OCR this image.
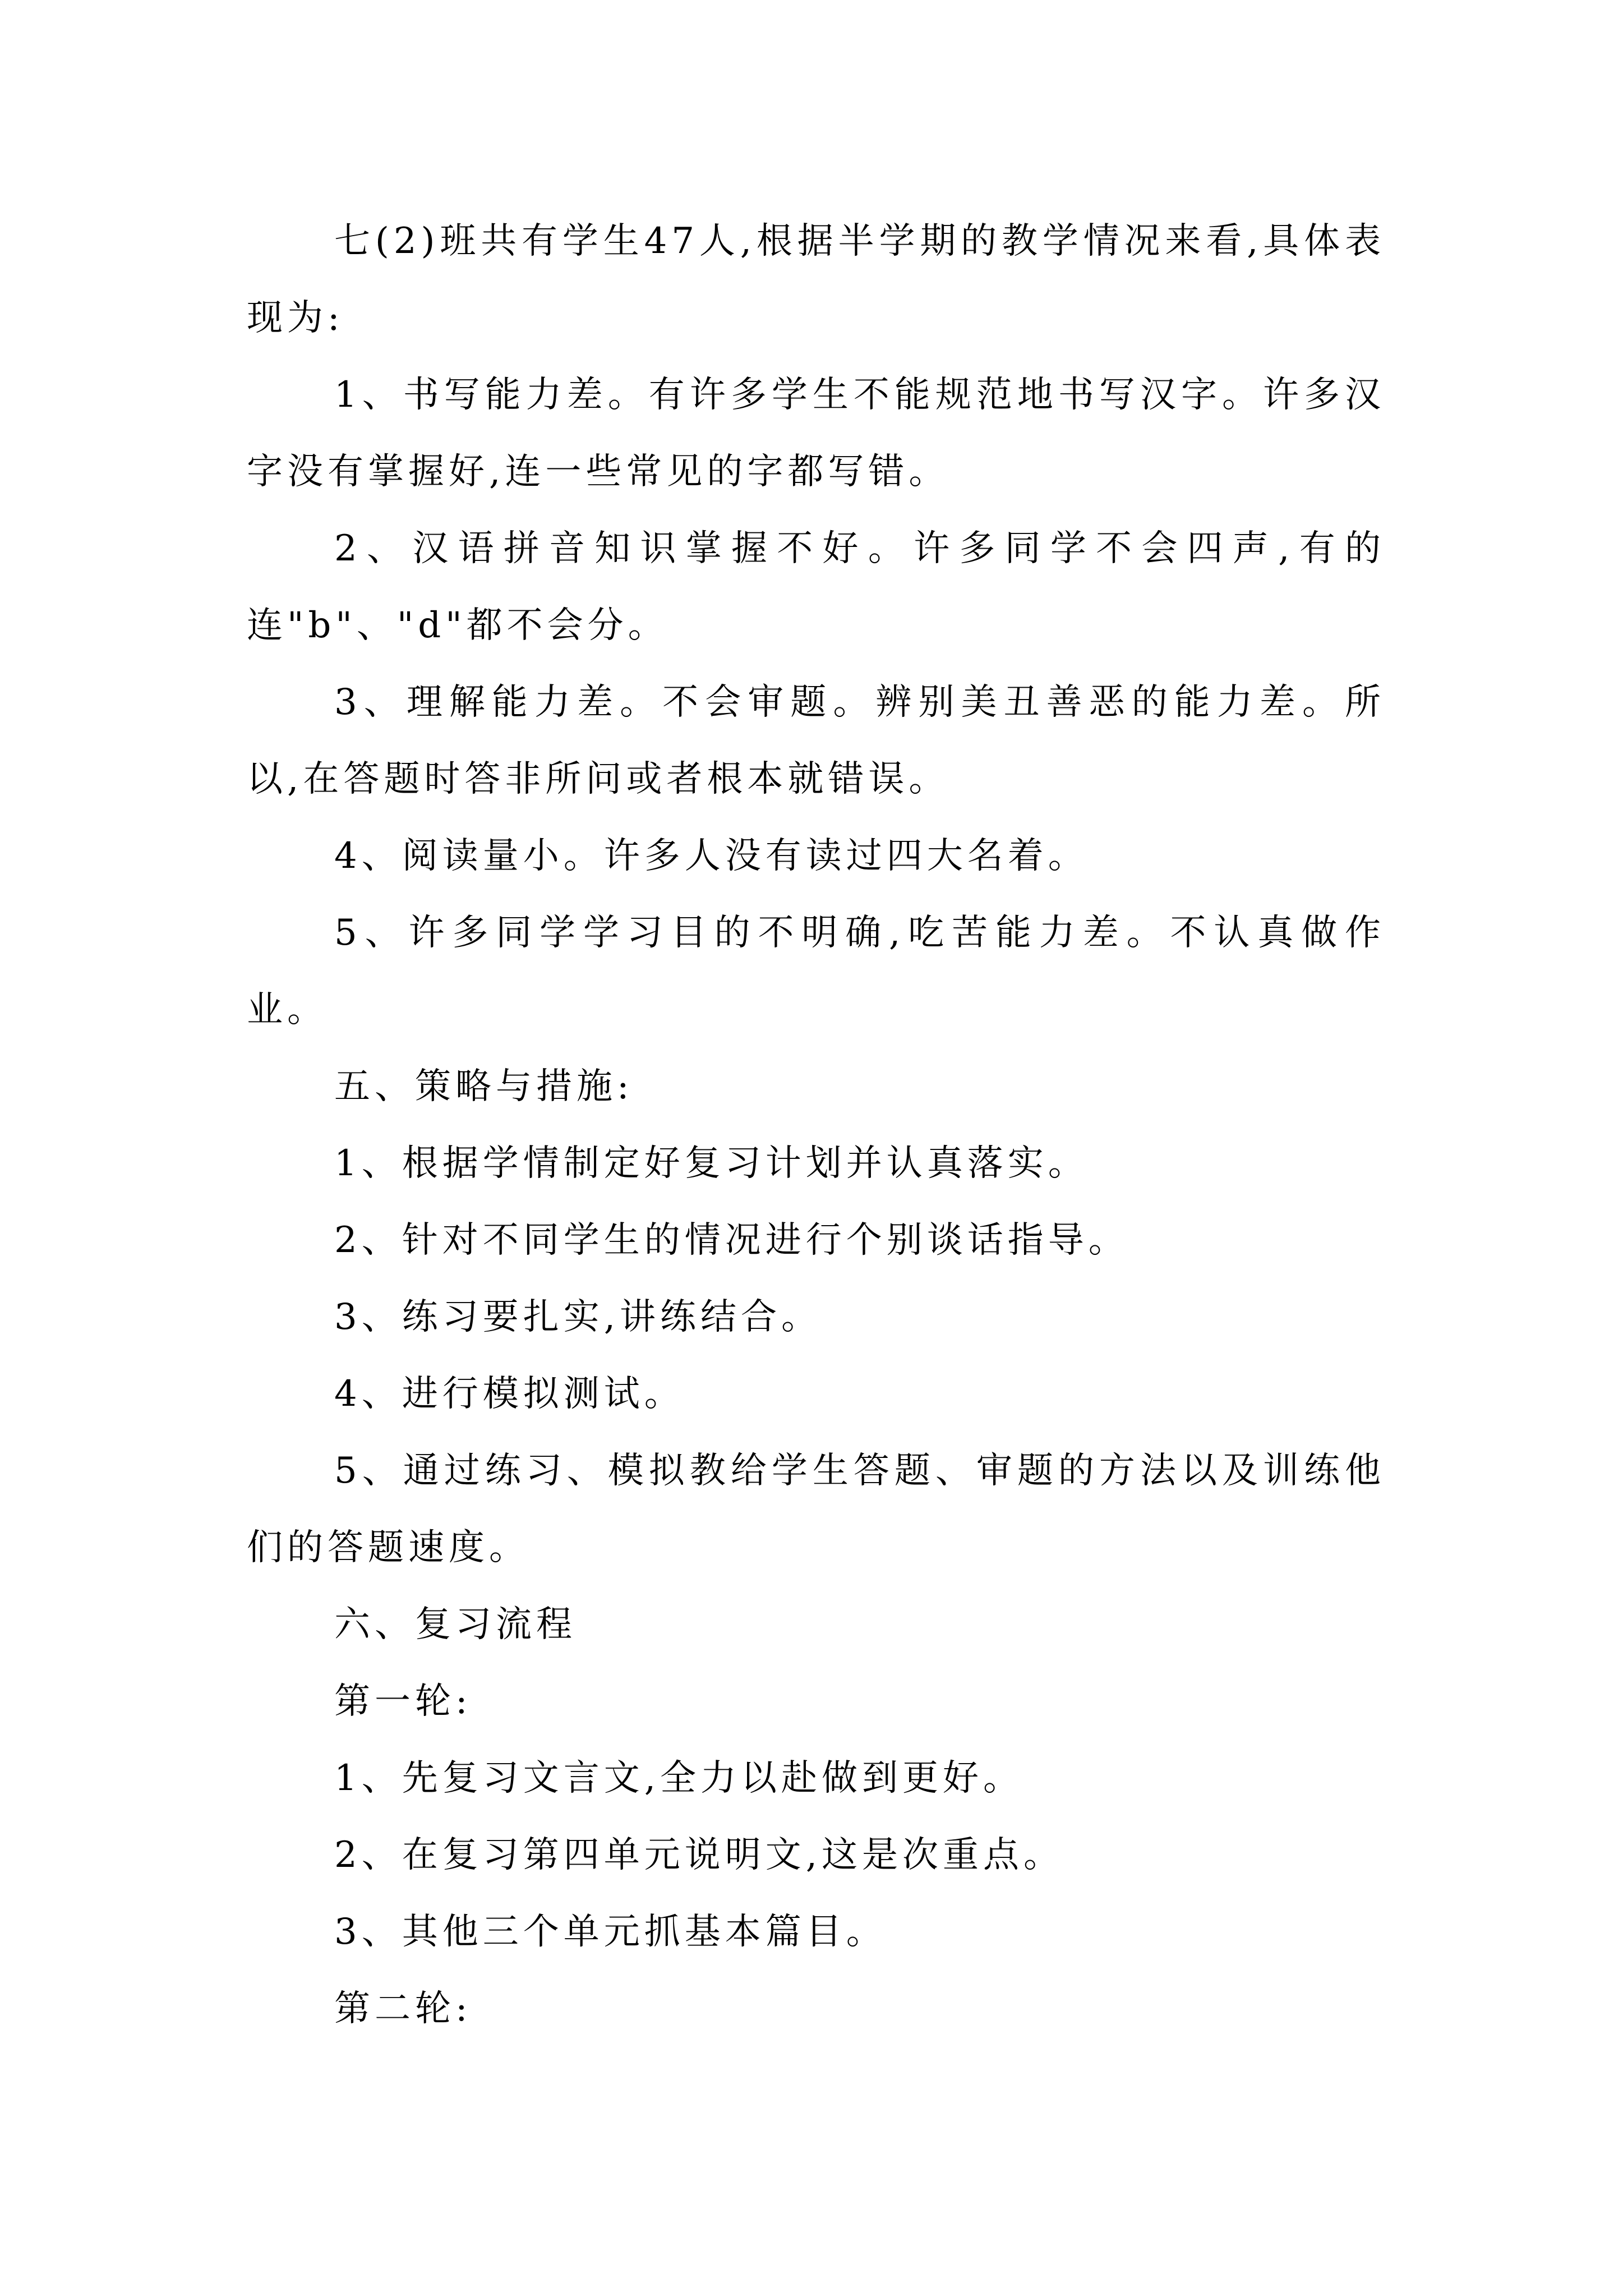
七(2)班共有学生47人,根据半学期的教学情况来看,具体表现为:

1、书写能力差。有许多学生不能规范地书写汉字。许多汉字没有掌握好,连一些常见的字都写错。

2、汉语拼音知识掌握不好。许多同学不会四声,有的连"b"、"d"都不会分。

3、理解能力差。不会审题。辨别美丑善恶的能力差。所以,在答题时答非所问或者根本就错误。

4、阅读量小。许多人没有读过四大名着。

5、许多同学学习目的不明确,吃苦能力差。不认真做作业。

五、策略与措施:

1、根据学情制定好复习计划并认真落实。

2、针对不同学生的情况进行个别谈话指导。

3、练习要扎实,讲练结合。

4、进行模拟测试。

5、通过练习、模拟教给学生答题、审题的方法以及训练他们的答题速度。

六、复习流程

第一轮:

1、先复习文言文,全力以赴做到更好。

2、在复习第四单元说明文,这是次重点。

3、其他三个单元抓基本篇目。

第二轮:
